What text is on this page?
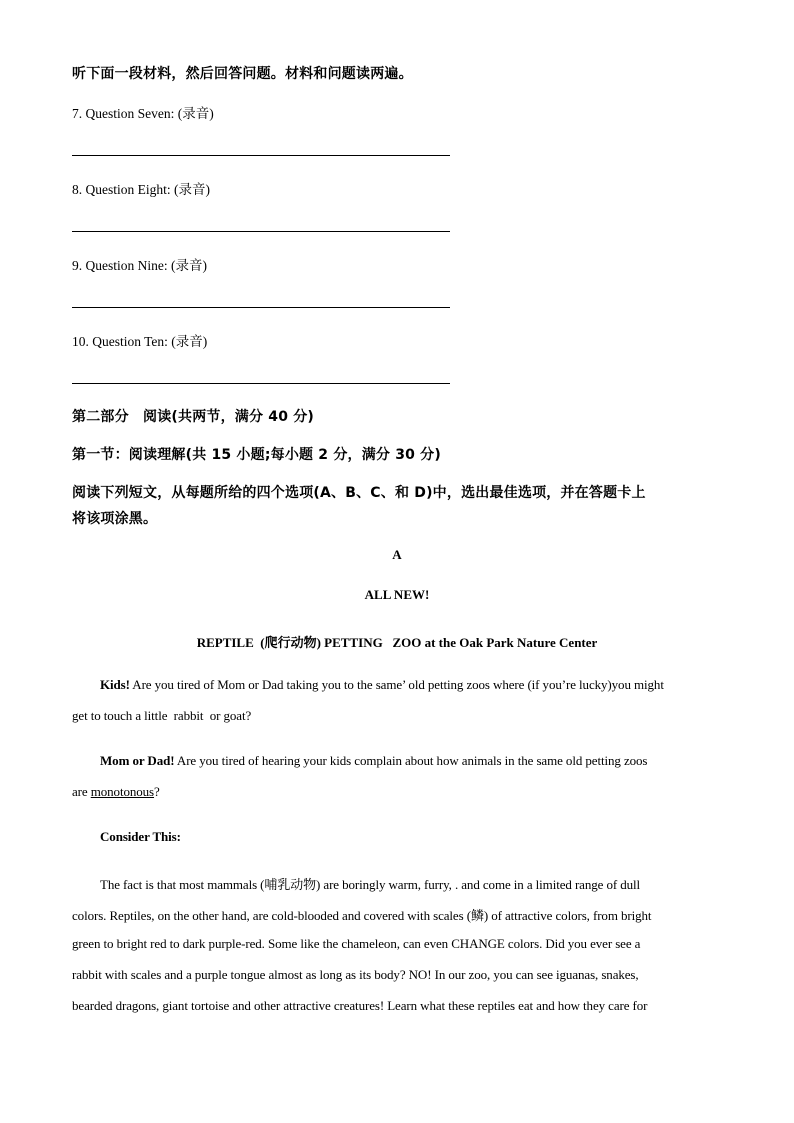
听下面一段材料，然后回答问题。材料和问题读两遍。
7. Question Seven: (录音)
8. Question Eight: (录音)
9. Question Nine: (录音)
10. Question Ten: (录音)
第二部分　阅读(共两节，满分 40 分)
第一节：阅读理解(共 15 小题;每小题 2 分，满分 30 分)
阅读下列短文，从每题所给的四个选项(A、B、C、和 D)中，选出最佳选项，并在答题卡上
将该项涂黑。
A
ALL NEW!
REPTILE  (爬行动物) PETTING   ZOO at the Oak Park Nature Center
Kids! Are you tired of Mom or Dad taking you to the same’ old petting zoos where (if you’re lucky)you might
get to touch a little  rabbit  or goat?
Mom or Dad! Are you tired of hearing your kids complain about how animals in the same old petting zoos
are monotonous?
Consider This:
The fact is that most mammals (哺乳动物) are boringly warm, furry, . and come in a limited range of dull
colors. Reptiles, on the other hand, are cold-blooded and covered with scales (鳞) of attractive colors, from bright
green to bright red to dark purple-red. Some like the chameleon, can even CHANGE colors. Did you ever see a
rabbit with scales and a purple tongue almost as long as its body? NO! In our zoo, you can see iguanas, snakes,
bearded dragons, giant tortoise and other attractive creatures! Learn what these reptiles eat and how they care for
